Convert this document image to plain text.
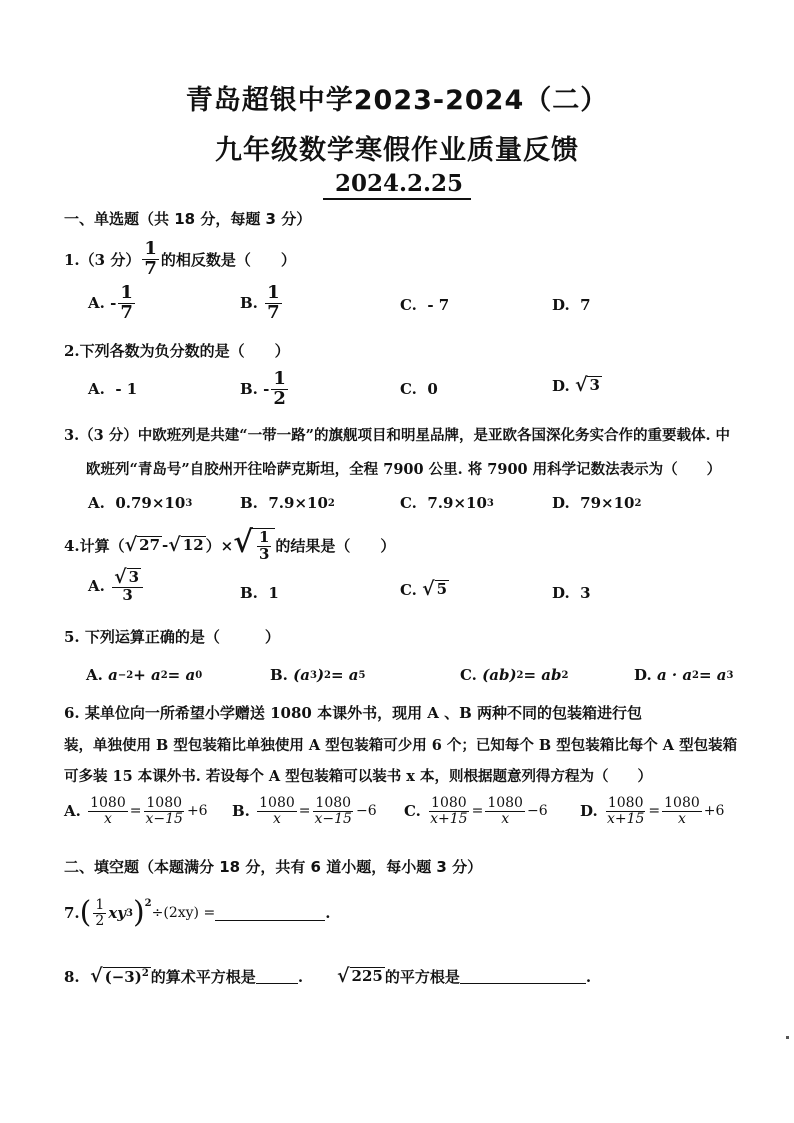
青岛超银中学2023-2024（二）
九年级数学寒假作业质量反馈
2024.2.25
一、单选题（共 18 分，每题 3 分）
1.（3 分）
1
7 的相反数是（　　）
A.
-
1
7	B.

1
7	C.
- 7	D.
7
2.下列各数为负分数的是（　　）
A.
- 1	B.
-
1
2	C.
0	D.
√ 3
3.（3 分）中欧班列是共建“一带一路”的旗舰项目和明星品牌，是亚欧各国深化务实合作的重要载体. 中
欧班列“青岛号”自胶州开往哈萨克斯坦，全程 7900 公里. 将 7900 用科学记数法表示为（　　）
A.
0.79×10 3	B.
7.9×10 2	C.
7.9×10 3	D.
79×10 2
4.计算（ √ 27 - √ 12 ）× √ $\frac{1}{3}$ 的结果是（　　）
A.
√ 3
3	B.
1	C.
√ 5	D.
3
5. 下列运算正确的是（　　　）
A.
a −2 + a 2 = a 0	B.
(a 3 ) 2 = a 5	C.
(ab) 2 = ab 2	D.
a · a 2 = a 3
6. 某单位向一所希望小学赠送 1080 本课外书，现用 A 、B 两种不同的包装箱进行包
装，单独使用 B 型包装箱比单独使用 A 型包装箱可少用 6 个；已知每个 B 型包装箱比每个 A 型包装箱
可多装 15 本课外书. 若设每个 A 型包装箱可以装书 x 本，则根据题意列得方程为（　　）
A.
$\frac{1080}{x} = \frac{1080}{x-15} +6$ B.
$\frac{1080}{x} = \frac{1080}{x-15} -6$ C.
$\frac{1080}{x+15} = \frac{1080}{x} -6$ D.
$\frac{1080}{x+15} = \frac{1080}{x} +6$
二、填空题（本题满分 18 分，共有 6 道小题，每小题 3 分）
7. ( 1
2 xy 3 )$^2$
÷(2xy) =	.
8.
√ $(-3)^2$ 的算术平方根是	. √ 225 的平方根是	.
